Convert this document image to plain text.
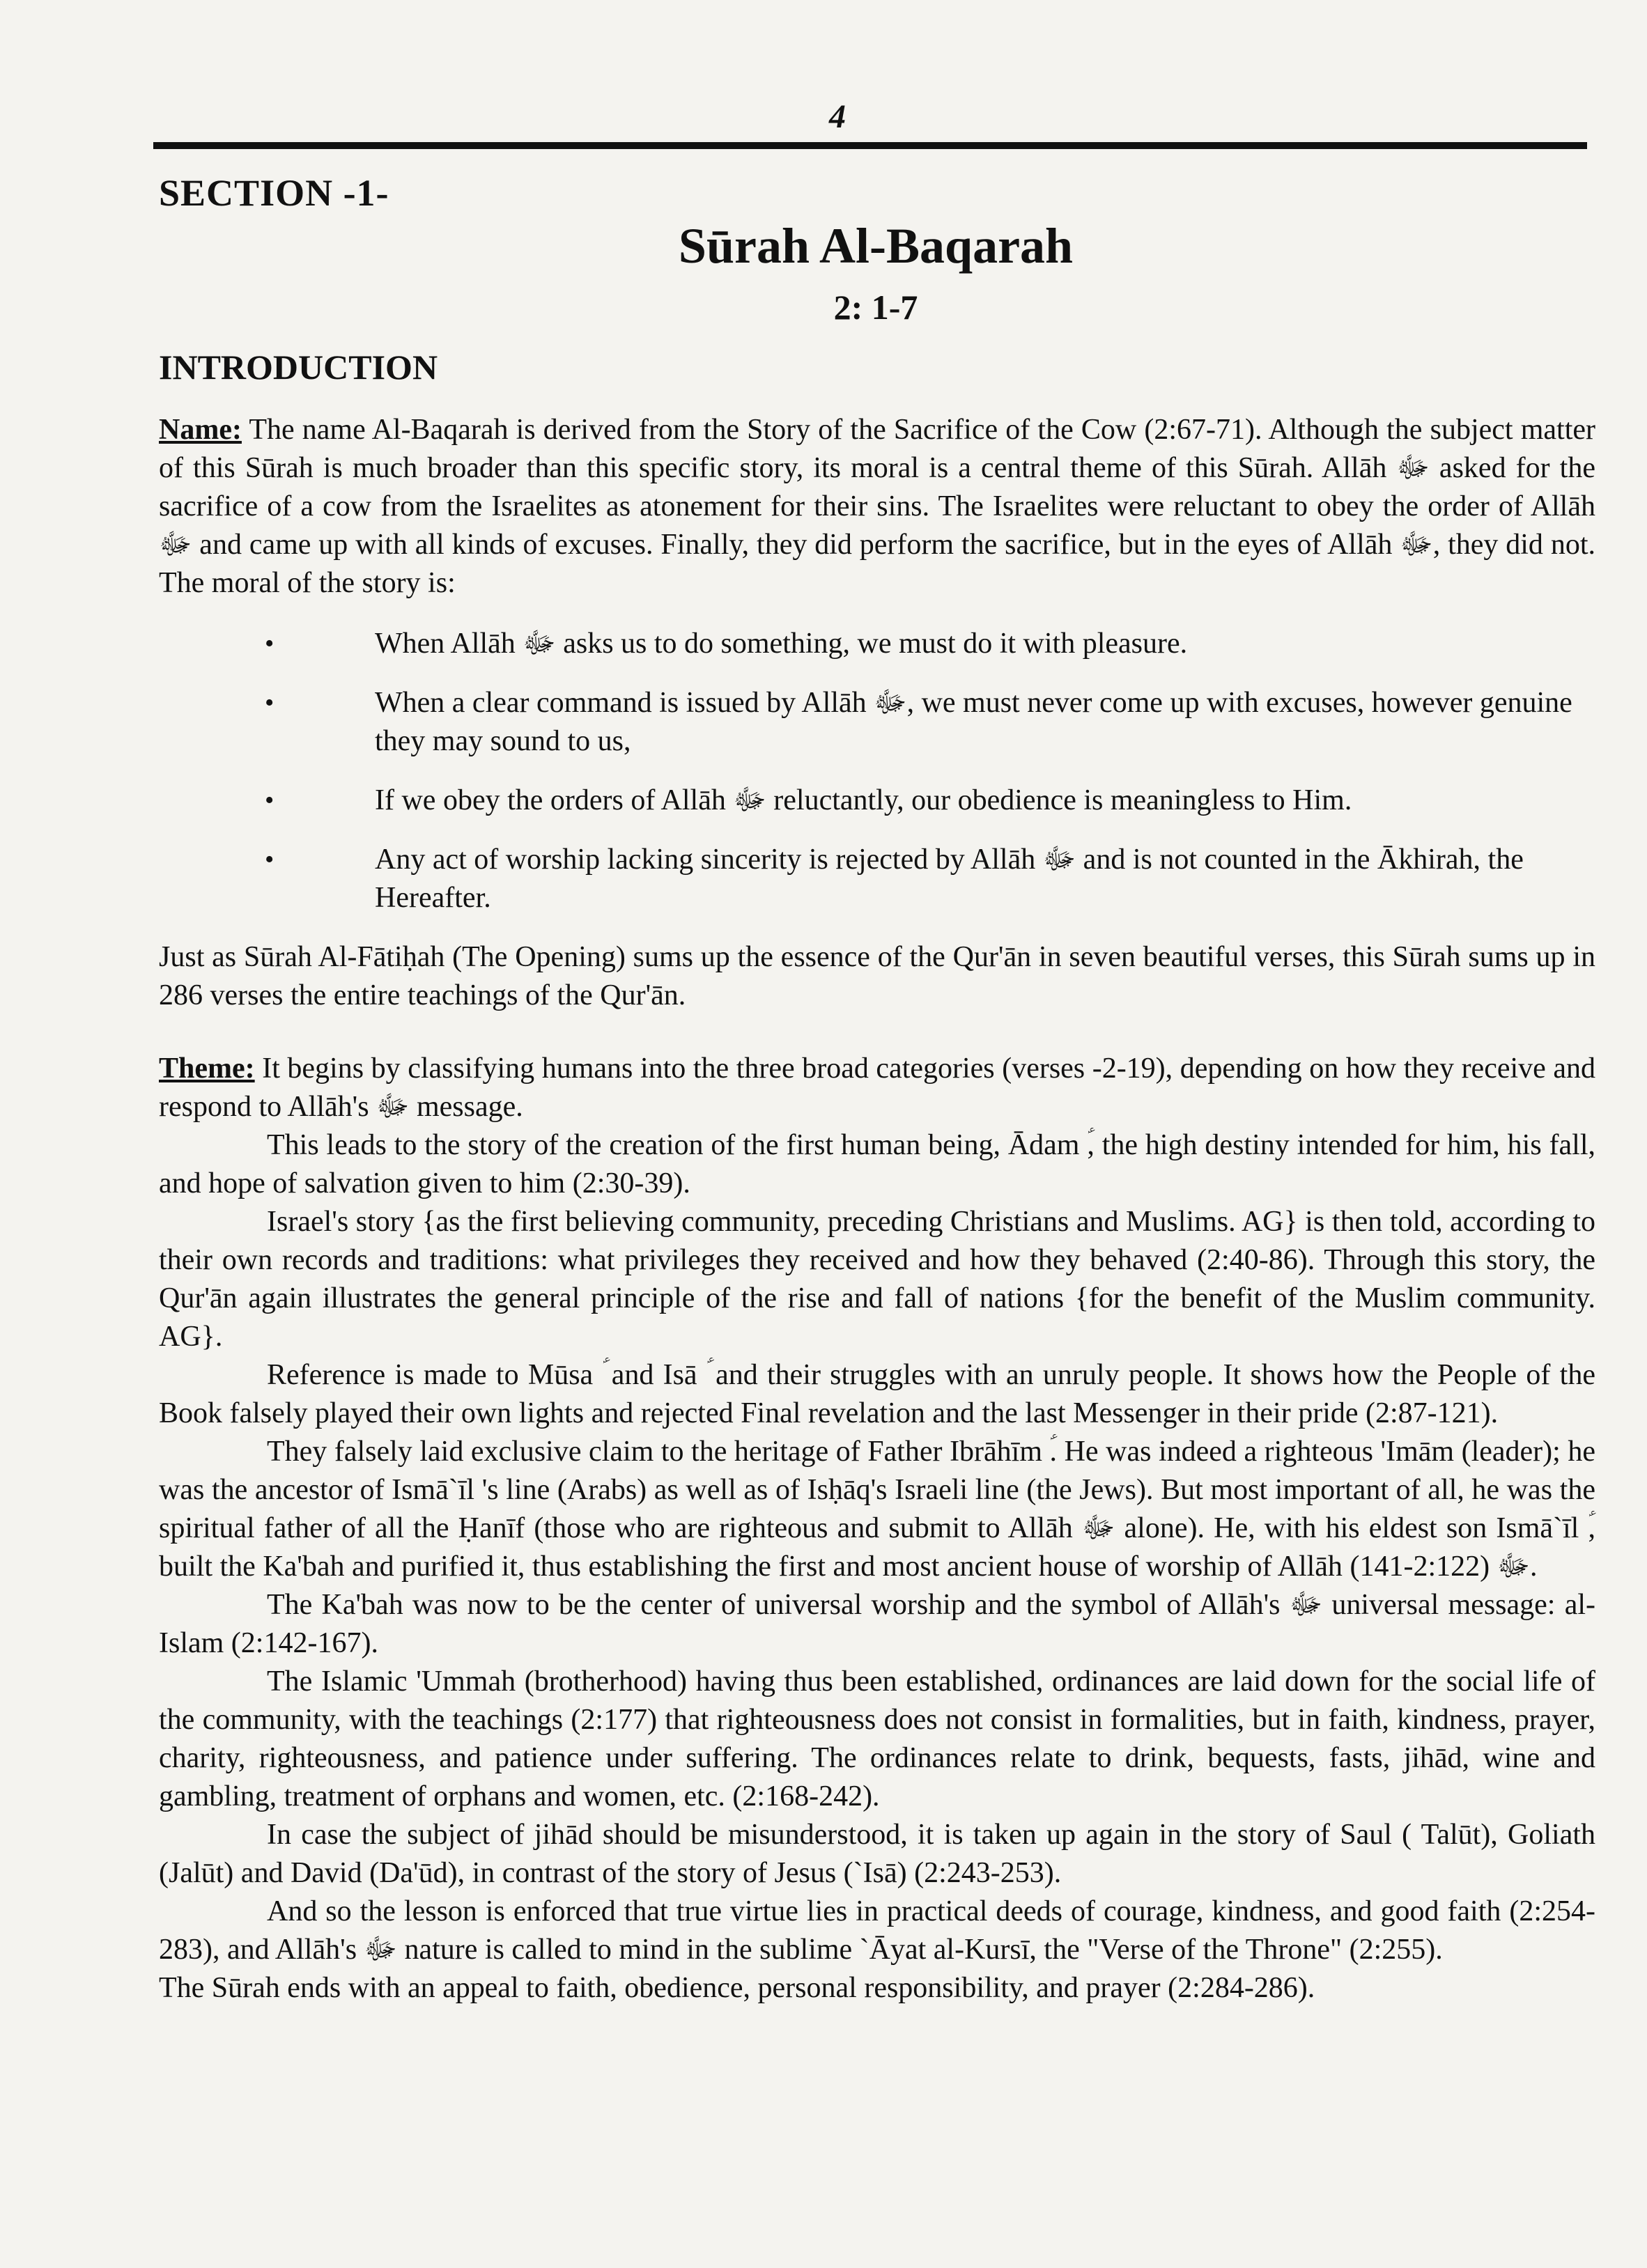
4
SECTION -1-
Sūrah Al-Baqarah
2: 1-7
INTRODUCTION

Name: The name Al-Baqarah is derived from the Story of the Sacrifice of the Cow (2:67-71). Although the subject matter of this Sūrah is much broader than this specific story, its moral is a central theme of this Sūrah. Allāh ﷻ asked for the sacrifice of a cow from the Israelites as atonement for their sins. The Israelites were reluctant to obey the order of Allāh ﷻ and came up with all kinds of excuses. Finally, they did perform the sacrifice, but in the eyes of Allāh ﷻ, they did not. The moral of the story is:

• When Allāh ﷻ asks us to do something, we must do it with pleasure.
• When a clear command is issued by Allāh ﷻ, we must never come up with excuses, however genuine they may sound to us,
• If we obey the orders of Allāh ﷻ reluctantly, our obedience is meaningless to Him.
• Any act of worship lacking sincerity is rejected by Allāh ﷻ and is not counted in the Ākhirah, the Hereafter.

Just as Sūrah Al-Fātiḥah (The Opening) sums up the essence of the Qur'ān in seven beautiful verses, this Sūrah sums up in 286 verses the entire teachings of the Qur'ān.

Theme: It begins by classifying humans into the three broad categories (verses -2-19), depending on how they receive and respond to Allāh's ﷻ message.

This leads to the story of the creation of the first human being, Ādam ؑ, the high destiny intended for him, his fall, and hope of salvation given to him (2:30-39).

Israel's story {as the first believing community, preceding Christians and Muslims. AG} is then told, according to their own records and traditions: what privileges they received and how they behaved (2:40-86). Through this story, the Qur'ān again illustrates the general principle of the rise and fall of nations {for the benefit of the Muslim community. AG}.

Reference is made to Mūsa ؑ and Isā ؑ and their struggles with an unruly people. It shows how the People of the Book falsely played their own lights and rejected Final revelation and the last Messenger in their pride (2:87-121).

They falsely laid exclusive claim to the heritage of Father Ibrāhīm ؑ. He was indeed a righteous 'Imām (leader); he was the ancestor of Ismā`īl 's line (Arabs) as well as of Isḥāq's Israeli line (the Jews). But most important of all, he was the spiritual father of all the Ḥanīf (those who are righteous and submit to Allāh ﷻ alone). He, with his eldest son Ismā`īl ؑ, built the Ka'bah and purified it, thus establishing the first and most ancient house of worship of Allāh ﷻ (2:122-141).

The Ka'bah was now to be the center of universal worship and the symbol of Allāh's ﷻ universal message: al-Islam (2:142-167).

The Islamic 'Ummah (brotherhood) having thus been established, ordinances are laid down for the social life of the community, with the teachings (2:177) that righteousness does not consist in formalities, but in faith, kindness, prayer, charity, righteousness, and patience under suffering. The ordinances relate to drink, bequests, fasts, jihād, wine and gambling, treatment of orphans and women, etc. (2:168-242).

In case the subject of jihād should be misunderstood, it is taken up again in the story of Saul ( Talūt), Goliath (Jalūt) and David (Da'ūd), in contrast of the story of Jesus (`Isā) (2:243-253).

And so the lesson is enforced that true virtue lies in practical deeds of courage, kindness, and good faith (2:254-283), and Allāh's ﷻ nature is called to mind in the sublime `Āyat al-Kursī, the "Verse of the Throne" (2:255).

The Sūrah ends with an appeal to faith, obedience, personal responsibility, and prayer (2:284-286).
